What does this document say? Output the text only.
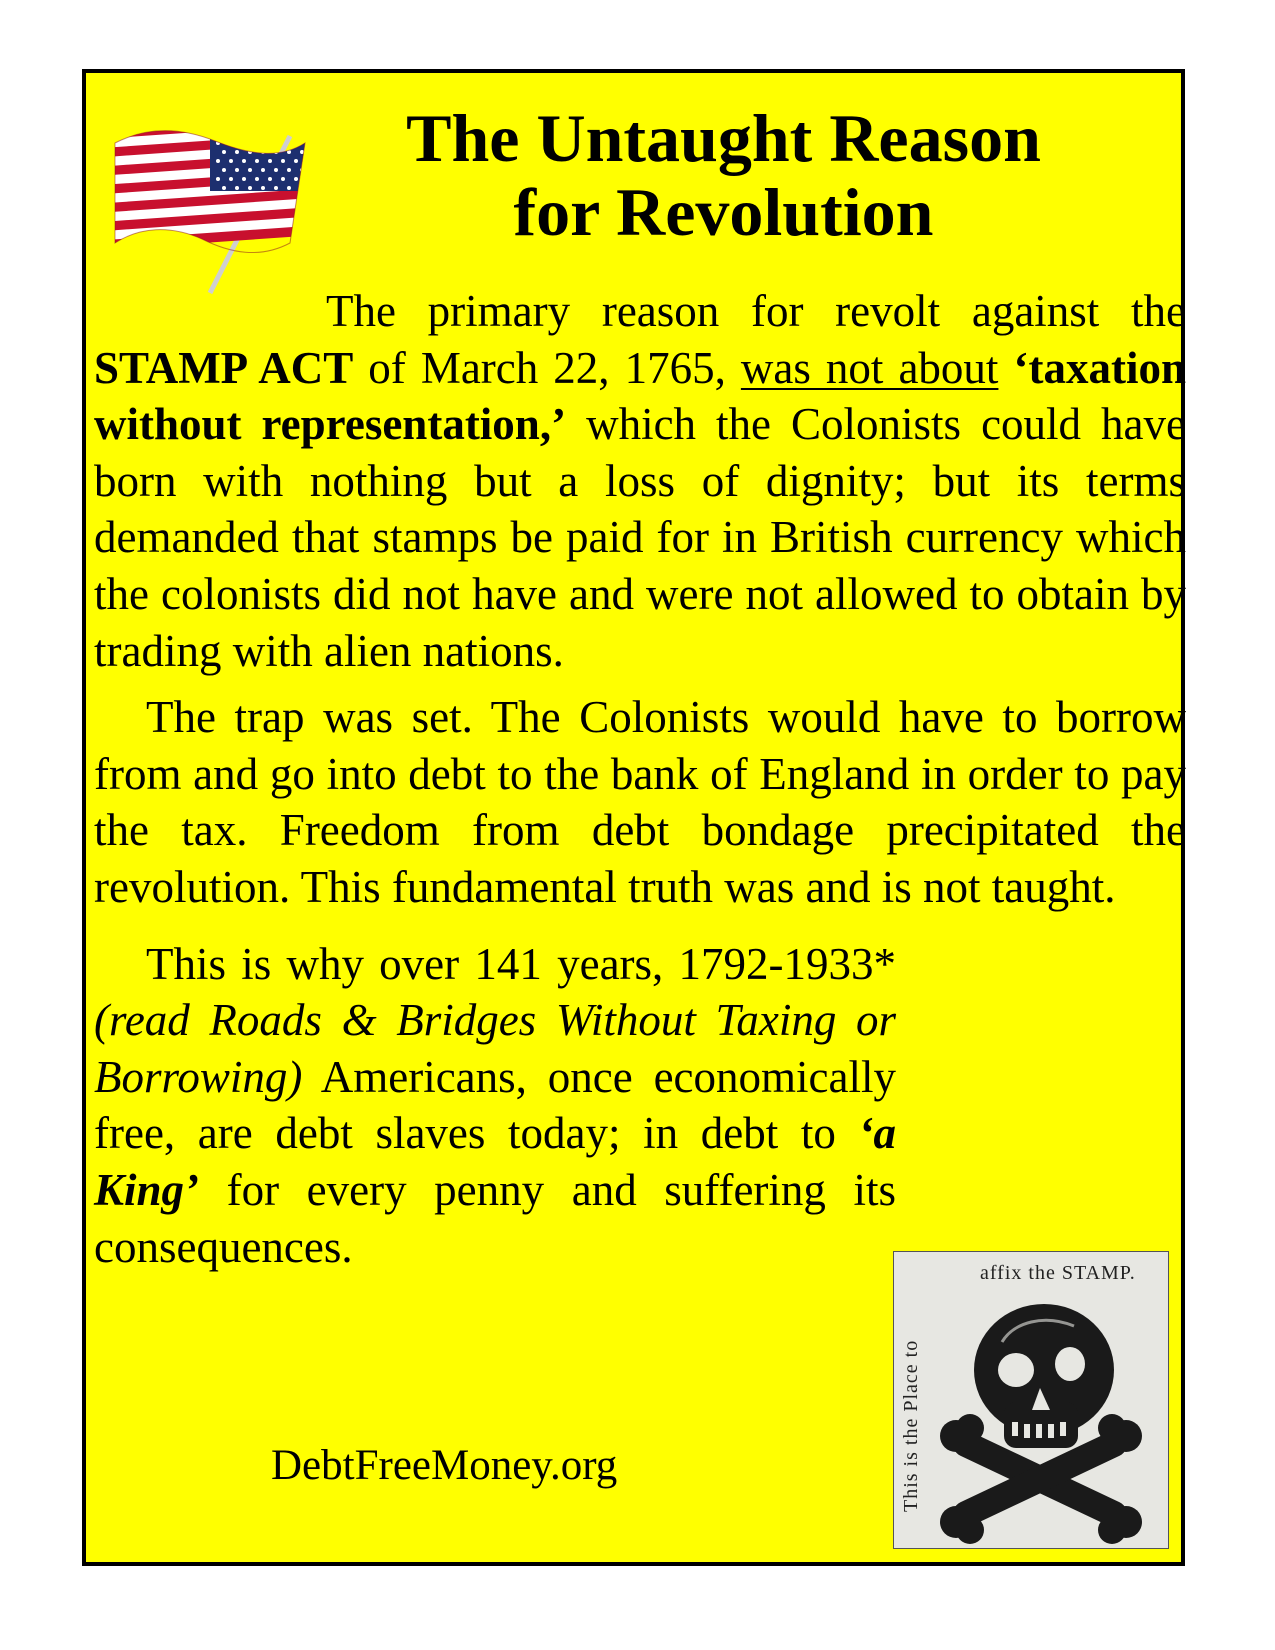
The Untaught Reason
for Revolution

The primary reason for revolt against the STAMP ACT of March 22, 1765, was not about ‘taxation without representation,’ which the Colonists could have born with nothing but a loss of dignity; but its terms demanded that stamps be paid for in British currency which the colonists did not have and were not allowed to obtain by trading with alien nations.

The trap was set. The Colonists would have to borrow from and go into debt to the bank of England in order to pay the tax. Freedom from debt bondage precipitated the revolution. This fundamental truth was and is not taught.

This is why over 141 years, 1792-1933* (read Roads & Bridges Without Taxing or Borrowing) Americans, once economically free, are debt slaves today; in debt to ‘a King’ for every penny and suffering its consequences.

DebtFreeMoney.org
affix the STAMP.
This is the Place to
